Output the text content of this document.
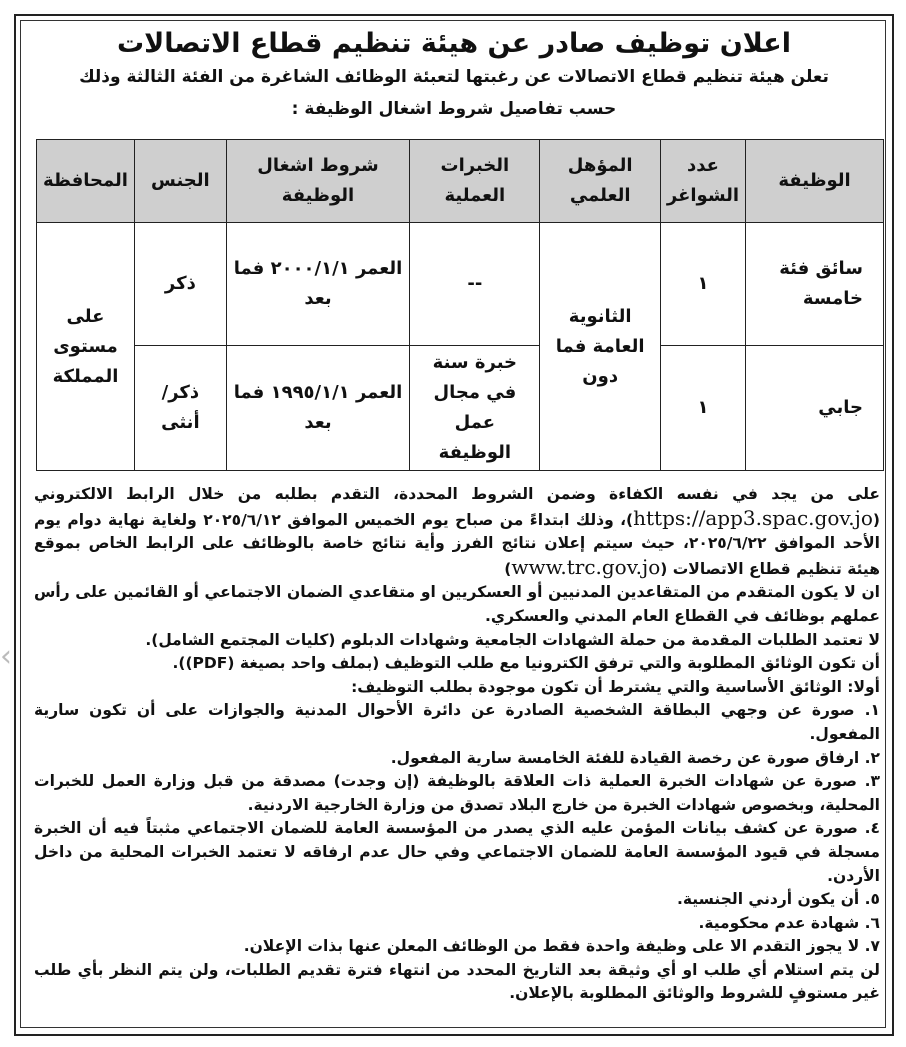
‹
اعلان توظيف صادر عن هيئة تنظيم قطاع الاتصالات
تعلن هيئة تنظيم قطاع الاتصالات عن رغبتها لتعبئة الوظائف الشاغرة من الفئة الثالثة وذلك حسب تفاصيل شروط اشغال الوظيفة :
الوظيفة	عدد الشواغر	المؤهل العلمي	الخبرات العملية	شروط اشغال الوظيفة	الجنس	المحافظة
سائق فئة خامسة	١	الثانوية العامة فما دون	--	العمر ٢٠٠٠/١/١ فما بعد	ذكر	على مستوى المملكة
جابي	١		خبرة سنة في مجال عمل الوظيفة	العمر ١٩٩٥/١/١ فما بعد	ذكر/ أنثى	

على من يجد في نفسه الكفاءة وضمن الشروط المحددة، التقدم بطلبه من خلال الرابط الالكتروني (https://app3.spac.gov.jo)، وذلك ابتداءً من صباح يوم الخميس الموافق ٢٠٢٥/٦/١٢ ولغاية نهاية دوام يوم الأحد الموافق ٢٠٢٥/٦/٢٢، حيث سيتم إعلان نتائج الفرز وأية نتائج خاصة بالوظائف على الرابط الخاص بموقع هيئة تنظيم قطاع الاتصالات (www.trc.gov.jo)

ان لا يكون المتقدم من المتقاعدين المدنيين أو العسكريين او متقاعدي الضمان الاجتماعي أو القائمين على رأس عملهم بوظائف في القطاع العام المدني والعسكري.

لا تعتمد الطلبات المقدمة من حملة الشهادات الجامعية وشهادات الدبلوم (كليات المجتمع الشامل).

أن تكون الوثائق المطلوبة والتي ترفق الكترونيا مع طلب التوظيف (بملف واحد بصيغة (PDF)).

أولا: الوثائق الأساسية والتي يشترط أن تكون موجودة بطلب التوظيف:

١. صورة عن وجهي البطاقة الشخصية الصادرة عن دائرة الأحوال المدنية والجوازات على أن تكون سارية المفعول.

٢. ارفاق صورة عن رخصة القيادة للفئة الخامسة سارية المفعول.

٣. صورة عن شهادات الخبرة العملية ذات العلاقة بالوظيفة (إن وجدت) مصدقة من قبل وزارة العمل للخبرات المحلية، وبخصوص شهادات الخبرة من خارج البلاد تصدق من وزارة الخارجية الاردنية.

٤. صورة عن كشف بيانات المؤمن عليه الذي يصدر من المؤسسة العامة للضمان الاجتماعي مثبتاً فيه أن الخبرة مسجلة في قيود المؤسسة العامة للضمان الاجتماعي وفي حال عدم ارفاقه لا تعتمد الخبرات المحلية من داخل الأردن.

٥. أن يكون أردني الجنسية.

٦. شهادة عدم محكومية.

٧. لا يجوز التقدم الا على وظيفة واحدة فقط من الوظائف المعلن عنها بذات الإعلان.

لن يتم استلام أي طلب او أي وثيقة بعد التاريخ المحدد من انتهاء فترة تقديم الطلبات، ولن يتم النظر بأي طلب غير مستوفٍ للشروط والوثائق المطلوبة بالإعلان.
